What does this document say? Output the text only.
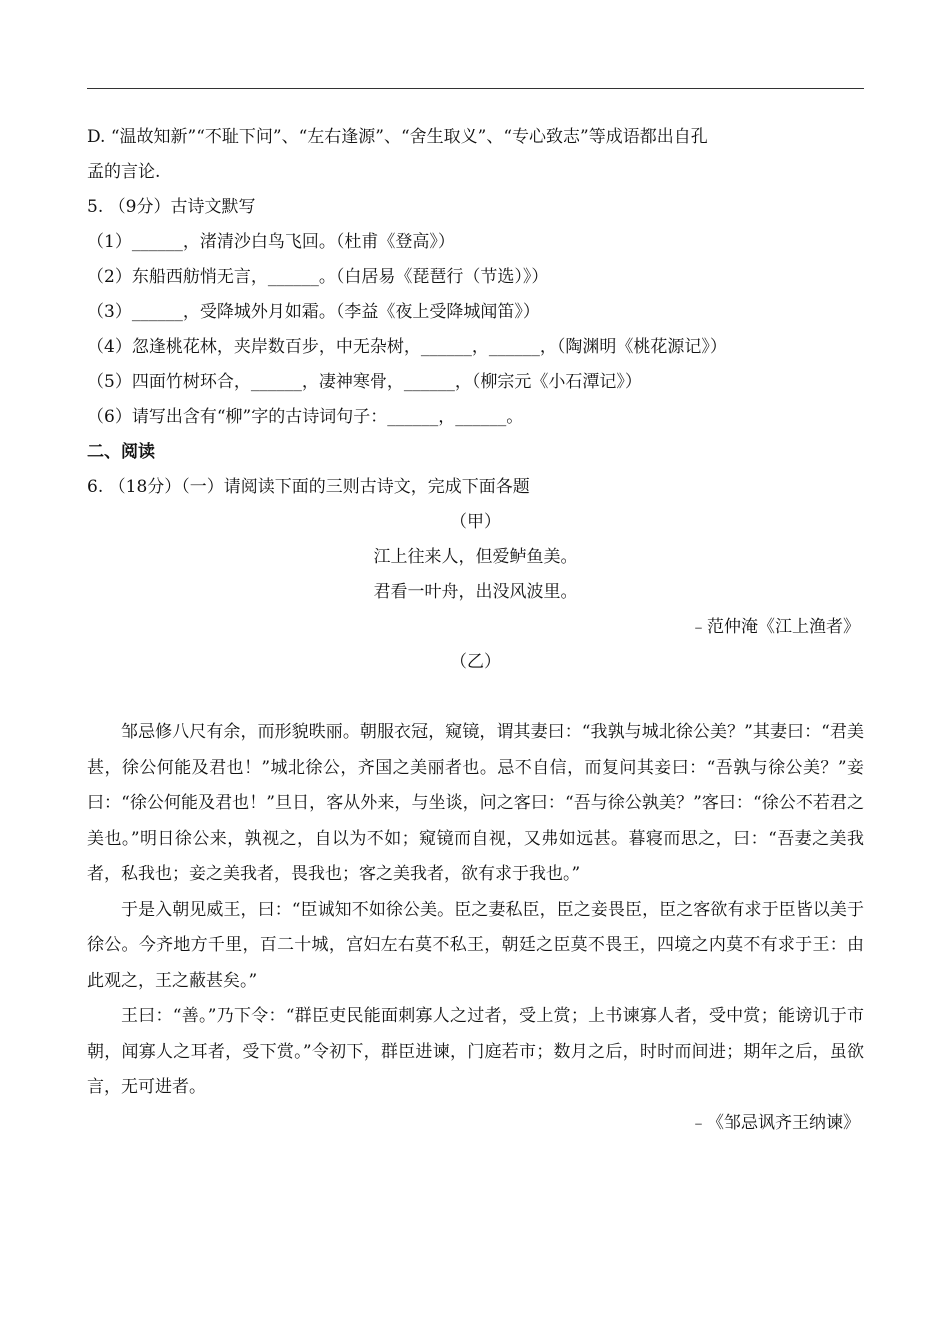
D. “温故知新”“不耻下问”、“左右逢源”、“舍生取义”、“专心致志”等成语都出自孔
孟的言论.
5. （9分）古诗文默写
（1）______，渚清沙白鸟飞回。（杜甫《登高》）
（2）东船西舫悄无言，______。（白居易《琵琶行（节选）》）
（3）______，受降城外月如霜。（李益《夜上受降城闻笛》）
（4）忽逢桃花林，夹岸数百步，中无杂树，______，______，（陶渊明《桃花源记》）
（5）四面竹树环合，______，凄神寒骨，______，（柳宗元《小石潭记》）
（6）请写出含有“柳”字的古诗词句子：______，______。
二、阅读
6. （18分）（一）请阅读下面的三则古诗文，完成下面各题
（甲）
江上往来人，但爱鲈鱼美。
君看一叶舟，出没风波里。
﹣范仲淹《江上渔者》
（乙）
邹忌修八尺有余，而形貌昳丽。朝服衣冠，窥镜，谓其妻曰：“我孰与城北徐公美？”其妻曰：“君美甚，徐公何能及君也！”城北徐公，齐国之美丽者也。忌不自信，而复问其妾曰：“吾孰与徐公美？”妾曰：“徐公何能及君也！”旦日，客从外来，与坐谈，问之客曰：“吾与徐公孰美？”客曰：“徐公不若君之美也。”明日徐公来，孰视之，自以为不如；窥镜而自视，又弗如远甚。暮寝而思之，曰：“吾妻之美我者，私我也；妾之美我者，畏我也；客之美我者，欲有求于我也。”
于是入朝见威王，曰：“臣诚知不如徐公美。臣之妻私臣，臣之妾畏臣，臣之客欲有求于臣皆以美于徐公。今齐地方千里，百二十城，宫妇左右莫不私王，朝廷之臣莫不畏王，四境之内莫不有求于王：由此观之，王之蔽甚矣。”
王曰：“善。”乃下令：“群臣吏民能面刺寡人之过者，受上赏；上书谏寡人者，受中赏；能谤讥于市朝，闻寡人之耳者，受下赏。”令初下，群臣进谏，门庭若市；数月之后，时时而间进；期年之后，虽欲言，无可进者。
﹣《邹忌讽齐王纳谏》
